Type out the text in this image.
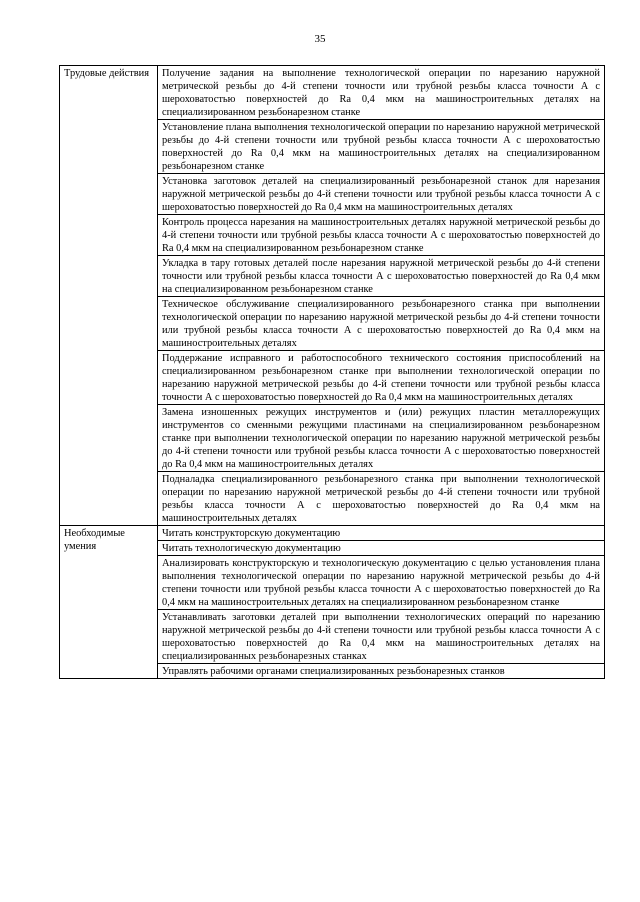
35
Трудовые действия	Получение задания на выполнение технологической операции по нарезанию наружной метрической резьбы до 4-й степени точности или трубной резьбы класса точности А с шероховатостью поверхностей до Ra 0,4 мкм на машиностроительных деталях на специализированном резьбонарезном станке
	Установление плана выполнения технологической операции по нарезанию наружной метрической резьбы до 4-й степени точности или трубной резьбы класса точности А с шероховатостью поверхностей до Ra 0,4 мкм на машиностроительных деталях на специализированном резьбонарезном станке
	Установка заготовок деталей на специализированный резьбонарезной станок для нарезания наружной метрической резьбы до 4-й степени точности или трубной резьбы класса точности А с шероховатостью поверхностей до Ra 0,4 мкм на машиностроительных деталях
	Контроль процесса нарезания на машиностроительных деталях наружной метрической резьбы до 4-й степени точности или трубной резьбы класса точности А с шероховатостью поверхностей до Ra 0,4 мкм на специализированном резьбонарезном станке
	Укладка в тару готовых деталей после нарезания наружной метрической резьбы до 4-й степени точности или трубной резьбы класса точности А с шероховатостью поверхностей до Ra 0,4 мкм на специализированном резьбонарезном станке
	Техническое обслуживание специализированного резьбонарезного станка при выполнении технологической операции по нарезанию наружной метрической резьбы до 4-й степени точности или трубной резьбы класса точности А с шероховатостью поверхностей до Ra 0,4 мкм на машиностроительных деталях
	Поддержание исправного и работоспособного технического состояния приспособлений на специализированном резьбонарезном станке при выполнении технологической операции по нарезанию наружной метрической резьбы до 4-й степени точности или трубной резьбы класса точности А с шероховатостью поверхностей до Ra 0,4 мкм на машиностроительных деталях
	Замена изношенных режущих инструментов и (или) режущих пластин металлорежущих инструментов со сменными режущими пластинами на специализированном резьбонарезном станке при выполнении технологической операции по нарезанию наружной метрической резьбы до 4-й степени точности или трубной резьбы класса точности А с шероховатостью поверхностей до Ra 0,4 мкм на машиностроительных деталях
	Подналадка специализированного резьбонарезного станка при выполнении технологической операции по нарезанию наружной метрической резьбы до 4-й степени точности или трубной резьбы класса точности А с шероховатостью поверхностей до Ra 0,4 мкм на машиностроительных деталях
Необходимые умения	Читать конструкторскую документацию
	Читать технологическую документацию
	Анализировать конструкторскую и технологическую документацию с целью установления плана выполнения технологической операции по нарезанию наружной метрической резьбы до 4-й степени точности или трубной резьбы класса точности А с шероховатостью поверхностей до Ra 0,4 мкм на машиностроительных деталях на специализированном резьбонарезном станке
	Устанавливать заготовки деталей при выполнении технологических операций по нарезанию наружной метрической резьбы до 4-й степени точности или трубной резьбы класса точности А с шероховатостью поверхностей до Ra 0,4 мкм на машиностроительных деталях на специализированных резьбонарезных станках
	Управлять рабочими органами специализированных резьбонарезных станков
